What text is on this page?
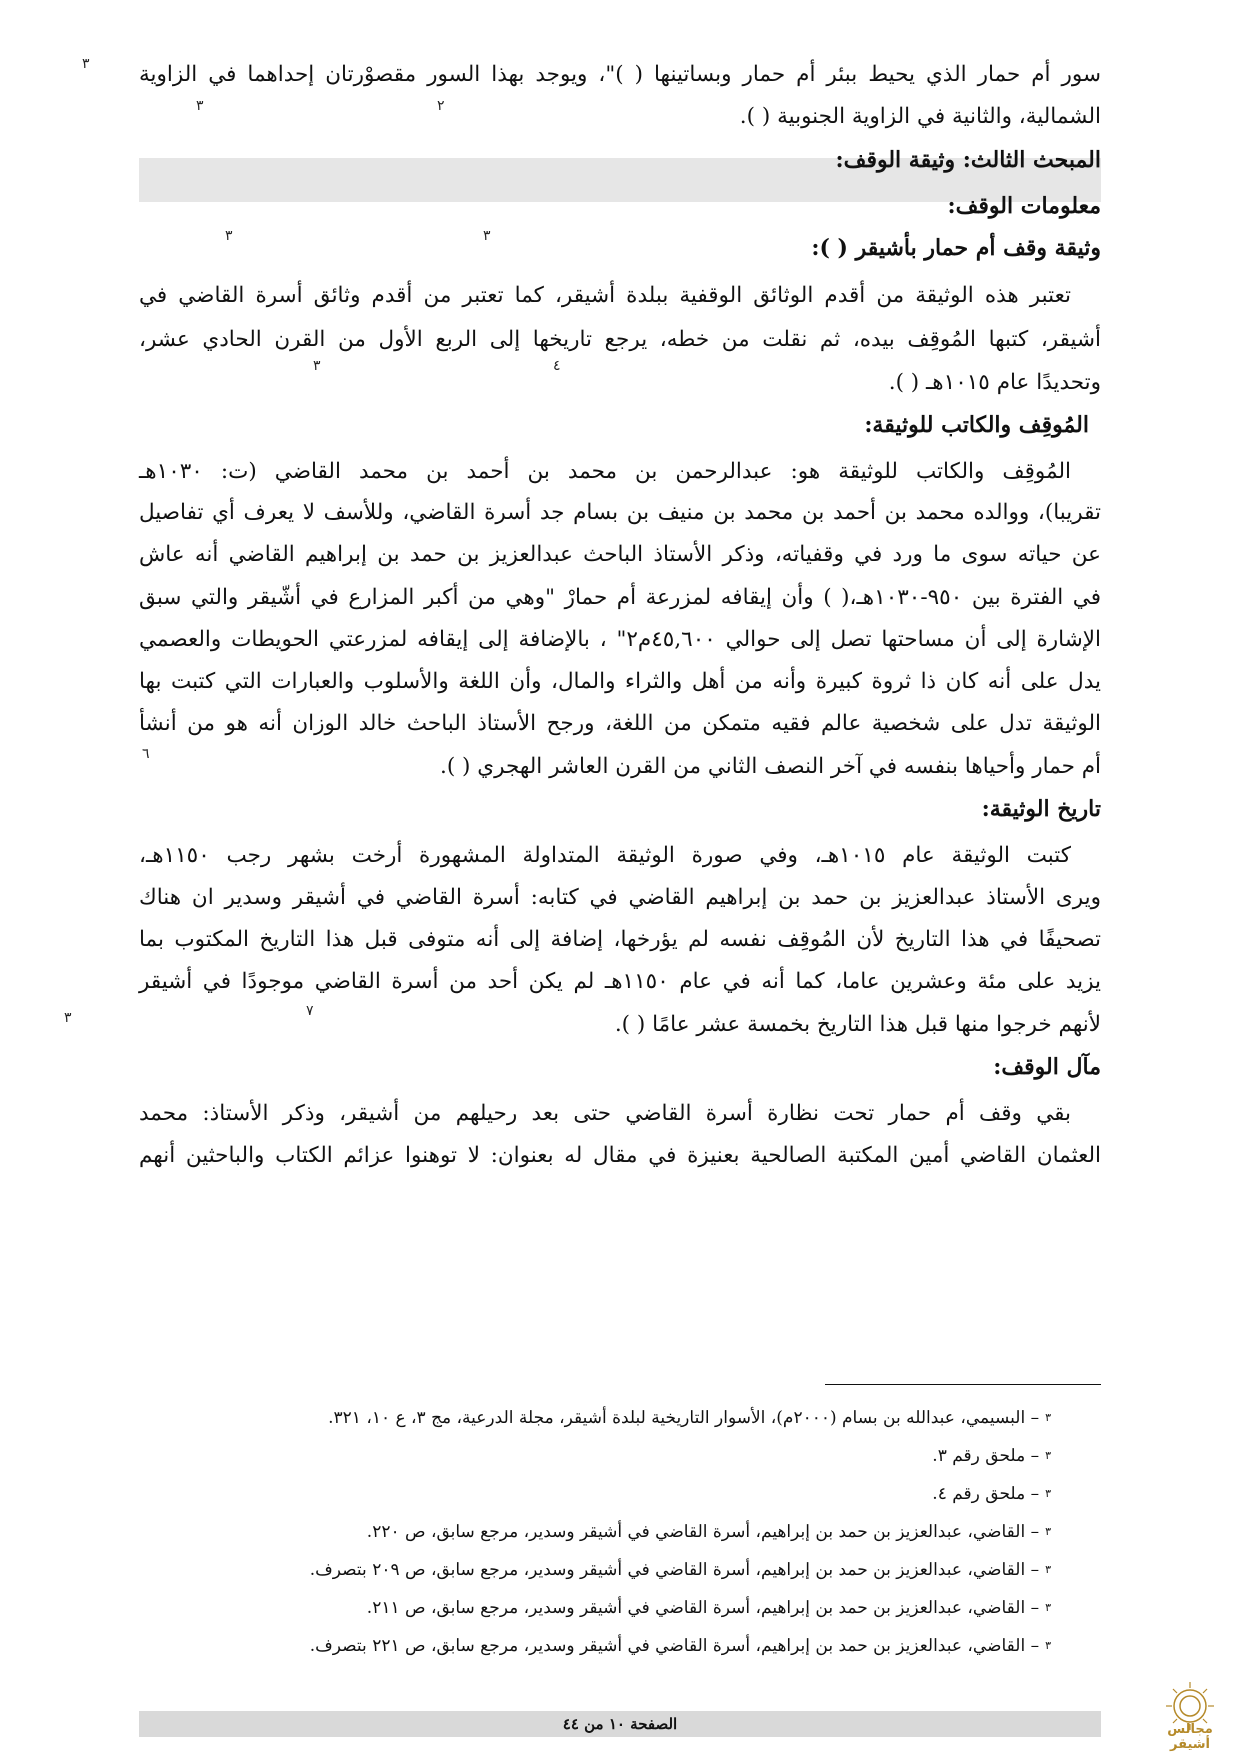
سور أم حمار الذي يحيط ببئر أم حمار وبساتينها ( )"، ويوجد بهذا السور مقصوْرتان إحداهما في الزاوية
الشمالية، والثانية في الزاوية الجنوبية ( ).
المبحث الثالث: وثيقة الوقف:
معلومات الوقف:
وثيقة وقف أم حمار بأشيقر ( ):
تعتبر هذه الوثيقة من أقدم الوثائق الوقفية ببلدة أشيقر، كما تعتبر من أقدم وثائق أسرة القاضي في
أشيقر، كتبها المُوقِف بيده، ثم نقلت من خطه، يرجع تاريخها إلى الربع الأول من القرن الحادي عشر،
وتحديدًا عام ١٠١٥هـ ( ).
المُوقِف والكاتب للوثيقة:
المُوقِف والكاتب للوثيقة هو: عبدالرحمن بن محمد بن أحمد بن محمد القاضي (ت: ١٠٣٠هـ
تقريبا)، ووالده محمد بن أحمد بن محمد بن منيف بن بسام جد أسرة القاضي، وللأسف لا يعرف أي تفاصيل
عن حياته سوى ما ورد في وقفياته، وذكر الأستاذ الباحث عبدالعزيز بن حمد بن إبراهيم القاضي أنه عاش
في الفترة بين ٩٥٠-١٠٣٠هـ،( ) وأن إيقافه لمزرعة أم حمارْ "وهي من أكبر المزارع في أشّيقر والتي سبق
الإشارة إلى أن مساحتها تصل إلى حوالي ٤٥,٦٠٠م٢" ، بالإضافة إلى إيقافه لمزرعتي الحويطات والعصمي
يدل على أنه كان ذا ثروة كبيرة وأنه من أهل والثراء والمال، وأن اللغة والأسلوب والعبارات التي كتبت بها
الوثيقة تدل على شخصية عالم فقيه متمكن من اللغة، ورجح الأستاذ الباحث خالد الوزان أنه هو من أنشأ
أم حمار وأحياها بنفسه في آخر النصف الثاني من القرن العاشر الهجري ( ).
تاريخ الوثيقة:
كتبت الوثيقة عام ١٠١٥هـ، وفي صورة الوثيقة المتداولة المشهورة أرخت بشهر رجب ١١٥٠هـ،
ويرى الأستاذ عبدالعزيز بن حمد بن إبراهيم القاضي في كتابه: أسرة القاضي في أشيقر وسدير ان هناك
تصحيفًا في هذا التاريخ لأن المُوقِف نفسه لم يؤرخها، إضافة إلى أنه متوفى قبل هذا التاريخ المكتوب بما
يزيد على مئة وعشرين عاما، كما أنه في عام ١١٥٠هـ لم يكن أحد من أسرة القاضي موجودًا في أشيقر
لأنهم خرجوا منها قبل هذا التاريخ بخمسة عشر عامًا ( ).
مآل الوقف:
بقي وقف أم حمار تحت نظارة أسرة القاضي حتى بعد رحيلهم من أشيقر، وذكر الأستاذ: محمد
العثمان القاضي أمين المكتبة الصالحية بعنيزة في مقال له بعنوان: لا توهنوا عزائم الكتاب والباحثين أنهم
٣
٣	٢
٣	٣
٣	٤
٦
٣	٧
$^٣$– البسيمي، عبدالله بن بسام (٢٠٠٠م)، الأسوار التاريخية لبلدة أشيقر، مجلة الدرعية، مج ٣، ع ١٠، ٣٢١.
$^٣$– ملحق رقم ٣.
$^٣$– ملحق رقم ٤.
$^٣$– القاضي، عبدالعزيز بن حمد بن إبراهيم، أسرة القاضي في أشيقر وسدير، مرجع سابق، ص ٢٢٠.
$^٣$– القاضي، عبدالعزيز بن حمد بن إبراهيم، أسرة القاضي في أشيقر وسدير، مرجع سابق، ص ٢٠٩ بتصرف.
$^٣$– القاضي، عبدالعزيز بن حمد بن إبراهيم، أسرة القاضي في أشيقر وسدير، مرجع سابق، ص ٢١١.
$^٣$– القاضي، عبدالعزيز بن حمد بن إبراهيم، أسرة القاضي في أشيقر وسدير، مرجع سابق، ص ٢٢١ بتصرف.
الصفحة ١٠ من ٤٤	مجالس أشيقر
